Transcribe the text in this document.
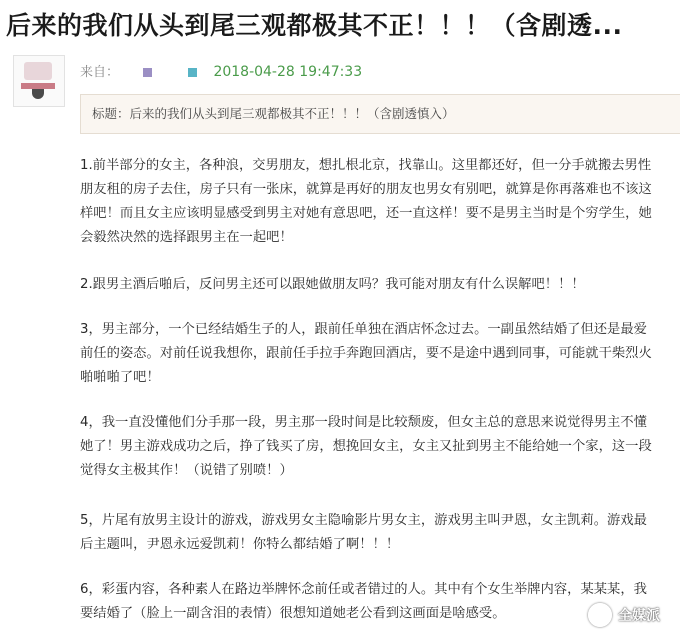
后来的我们从头到尾三观都极其不正！！！（含剧透...
来自：	2018-04-28 19:47:33
标题：后来的我们从头到尾三观都极其不正！！！（含剧透慎入）
1.前半部分的女主，各种浪，交男朋友，想扎根北京，找靠山。这里都还好，但一分手就搬去男性
朋友租的房子去住，房子只有一张床，就算是再好的朋友也男女有别吧，就算是你再落难也不该这
样吧！而且女主应该明显感受到男主对她有意思吧，还一直这样！要不是男主当时是个穷学生，她
会毅然决然的选择跟男主在一起吧！
2.跟男主酒后啪后，反问男主还可以跟她做朋友吗？我可能对朋友有什么误解吧！！！
3，男主部分，一个已经结婚生子的人，跟前任单独在酒店怀念过去。一副虽然结婚了但还是最爱
前任的姿态。对前任说我想你，跟前任手拉手奔跑回酒店，要不是途中遇到同事，可能就干柴烈火
啪啪啪了吧！
4，我一直没懂他们分手那一段，男主那一段时间是比较颓废，但女主总的意思来说觉得男主不懂
她了！男主游戏成功之后，挣了钱买了房，想挽回女主，女主又扯到男主不能给她一个家，这一段
觉得女主极其作！（说错了别喷！）
5，片尾有放男主设计的游戏，游戏男女主隐喻影片男女主，游戏男主叫尹恩，女主凯莉。游戏最
后主题叫，尹恩永远爱凯莉！你特么都结婚了啊！！！
6，彩蛋内容，各种素人在路边举牌怀念前任或者错过的人。其中有个女生举牌内容，某某某，我
要结婚了（脸上一副含泪的表情）很想知道她老公看到这画面是啥感受。	全媒派
